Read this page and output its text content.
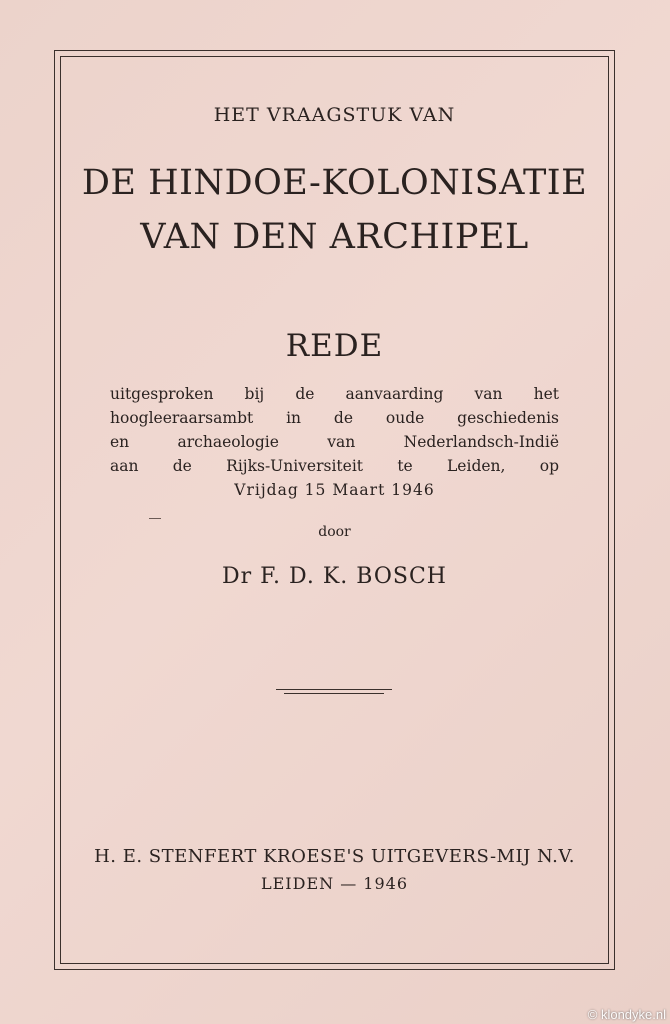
HET VRAAGSTUK VAN
DE HINDOE-KOLONISATIE
VAN DEN ARCHIPEL
REDE
uitgesproken bij de aanvaarding van het
hoogleeraarsambt in de oude geschiedenis
en archaeologie van Nederlandsch-Indië
aan de Rijks-Universiteit te Leiden, op
Vrijdag 15 Maart 1946
door
Dr F. D. K. BOSCH
H. E. STENFERT KROESE'S UITGEVERS-MIJ N.V.
LEIDEN — 1946
© klondyke.nl
